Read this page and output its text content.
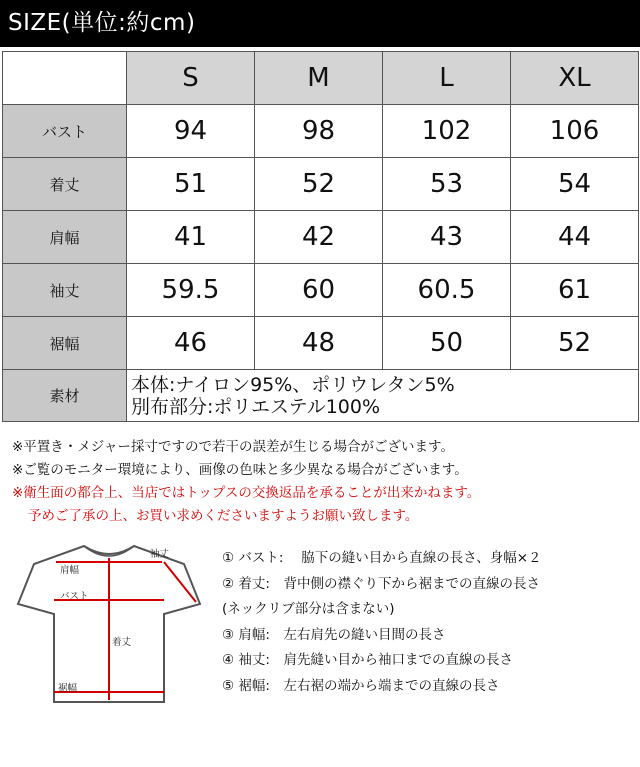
SIZE(単位:約cm)
	S	M	L	XL
バスト	94	98	102	106
着丈	51	52	53	54
肩幅	41	42	43	44
袖丈	59.5	60	60.5	61
裾幅	46	48	50	52
素材	本体:ナイロン95%、ポリウレタン5%
別布部分:ポリエステル100%			
※平置き・メジャー採寸ですので若干の誤差が生じる場合がございます。
※ご覧のモニター環境により、画像の色味と多少異なる場合がございます。
※衛生面の都合上、当店ではトップスの交換返品を承ることが出来かねます。
予めご了承の上、お買い求めくださいますようお願い致します。
袖丈
肩幅
バスト
着丈
裾幅
① バスト:　 脇下の縫い目から直線の長さ、身幅×２
② 着丈:　背中側の襟ぐり下から裾までの直線の長さ
(ネックリブ部分は含まない)
③ 肩幅:　左右肩先の縫い目間の長さ
④ 袖丈:　肩先縫い目から袖口までの直線の長さ
⑤ 裾幅:　左右裾の端から端までの直線の長さ
